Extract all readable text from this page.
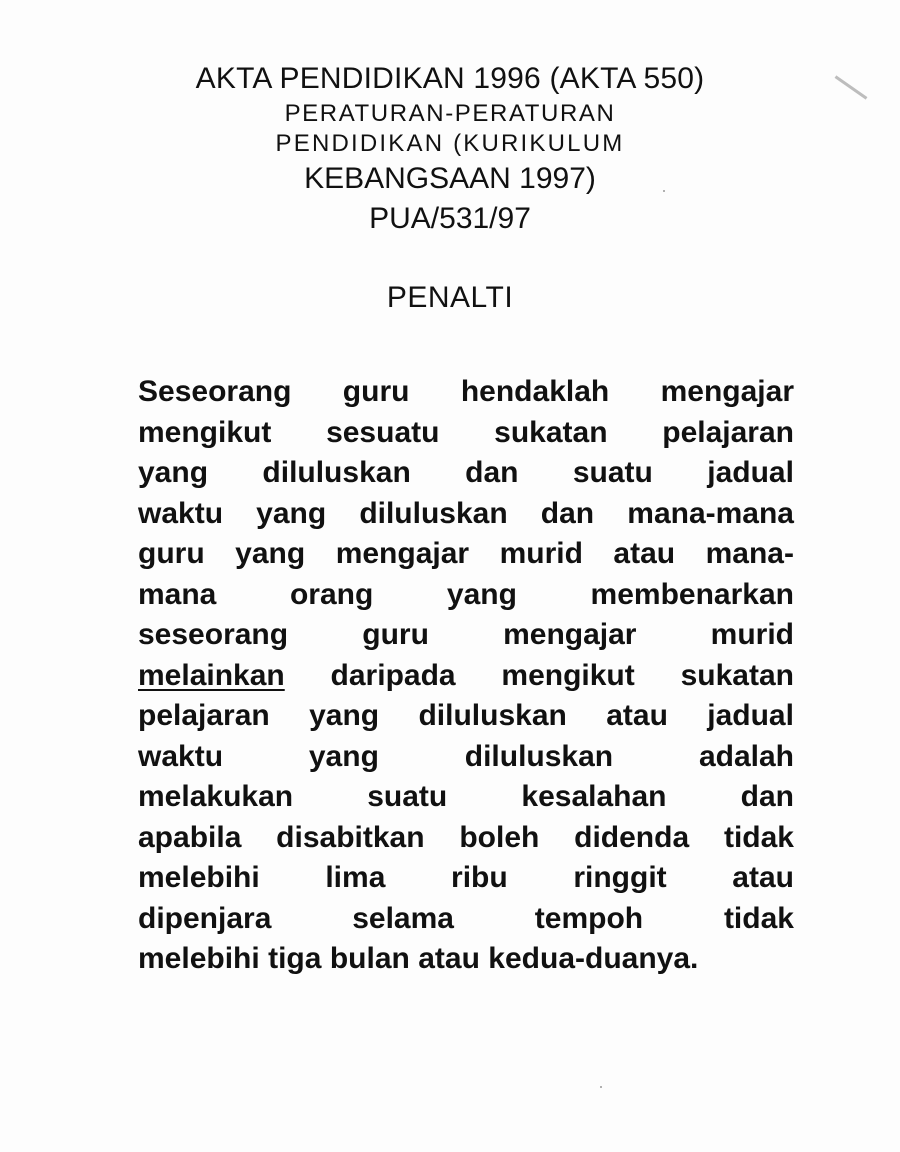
AKTA PENDIDIKAN 1996 (AKTA 550)
PERATURAN-PERATURAN
PENDIDIKAN (KURIKULUM
KEBANGSAAN 1997)
PUA/531/97
PENALTI
Seseorang guru hendaklah mengajar
mengikut sesuatu sukatan pelajaran
yang diluluskan dan suatu jadual
waktu yang diluluskan dan mana-mana
guru yang mengajar murid atau mana-
mana orang yang membenarkan
seseorang guru mengajar murid
melainkan daripada mengikut sukatan
pelajaran yang diluluskan atau jadual
waktu	yang	diluluskan	adalah
melakukan suatu kesalahan dan
apabila disabitkan boleh didenda tidak
melebihi lima ribu ringgit atau
dipenjara	selama	tempoh	tidak
melebihi tiga bulan atau kedua-duanya.
